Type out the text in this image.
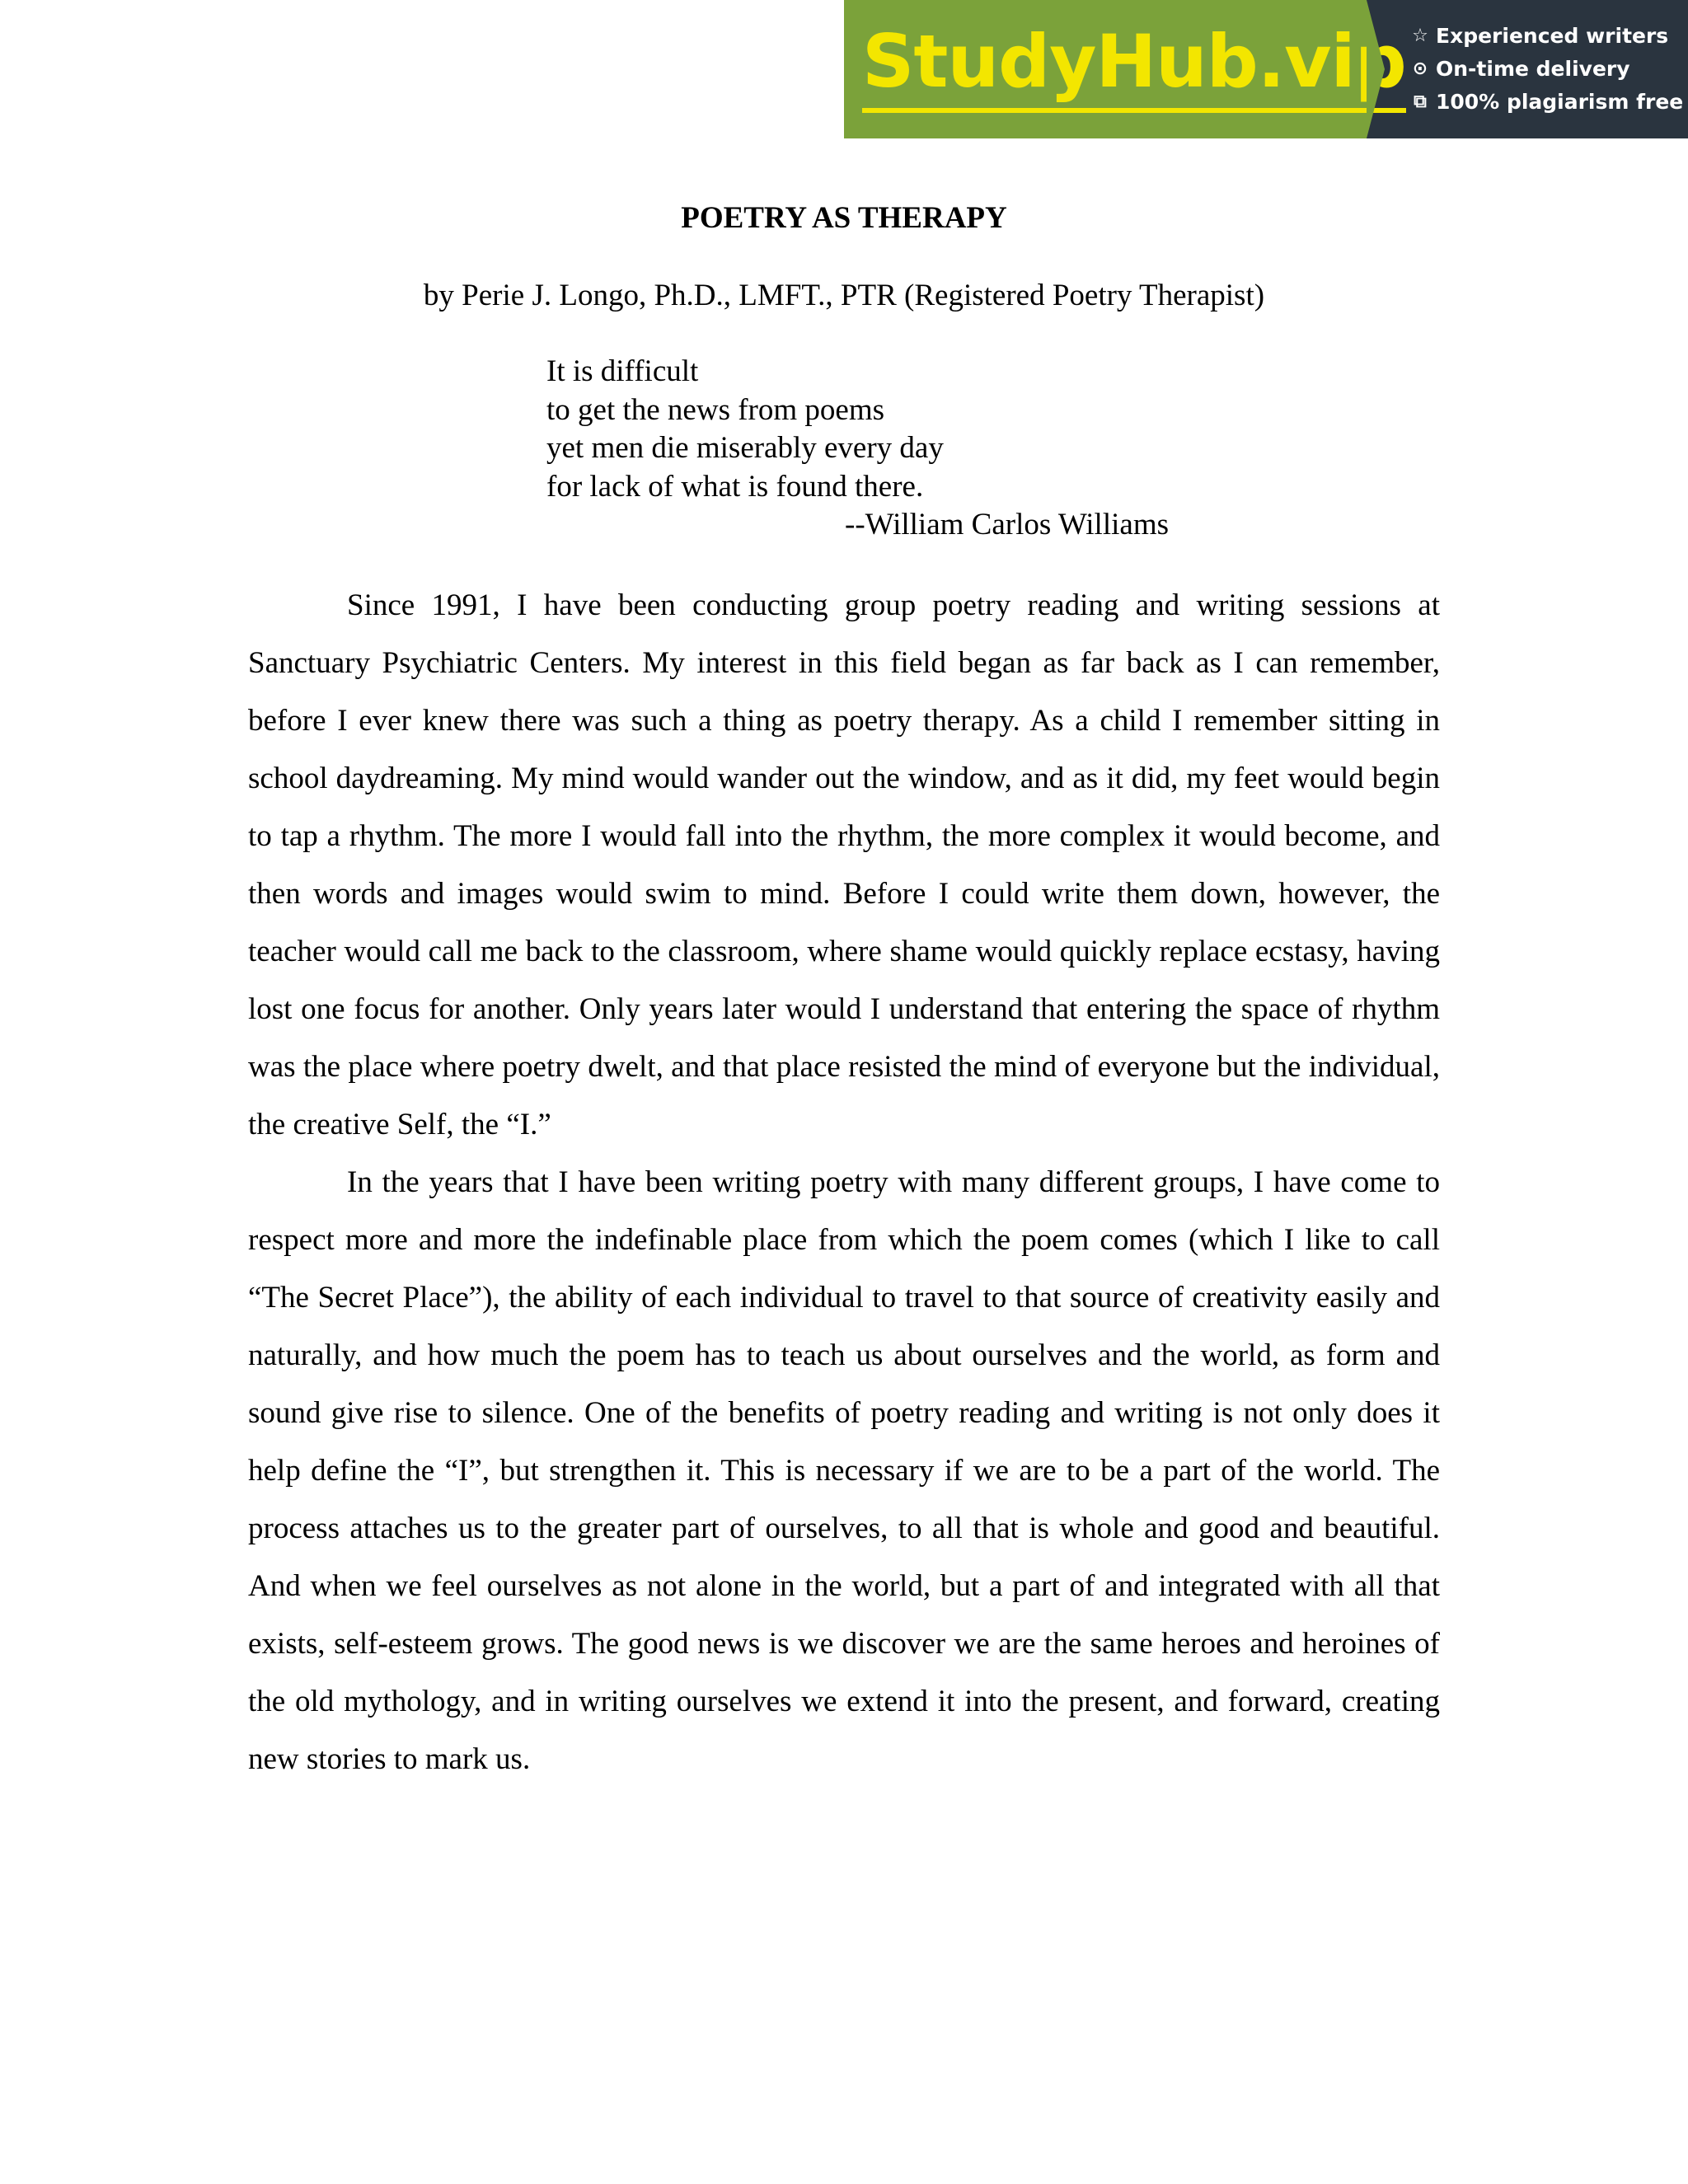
StudyHub.vip ☆ Experienced writers
⊙ On-time delivery
⧉ 100% plagiarism free
POETRY AS THERAPY
by Perie J. Longo, Ph.D., LMFT., PTR (Registered Poetry Therapist)
It is difficult
to get the news from poems
yet men die miserably every day
for lack of what is found there.
--William Carlos Williams

Since 1991, I have been conducting group poetry reading and writing sessions at Sanctuary Psychiatric Centers. My interest in this field began as far back as I can remember, before I ever knew there was such a thing as poetry therapy. As a child I remember sitting in school daydreaming. My mind would wander out the window, and as it did, my feet would begin to tap a rhythm. The more I would fall into the rhythm, the more complex it would become, and then words and images would swim to mind. Before I could write them down, however, the teacher would call me back to the classroom, where shame would quickly replace ecstasy, having lost one focus for another. Only years later would I understand that entering the space of rhythm was the place where poetry dwelt, and that place resisted the mind of everyone but the individual, the creative Self, the “I.”

In the years that I have been writing poetry with many different groups, I have come to respect more and more the indefinable place from which the poem comes (which I like to call “The Secret Place”), the ability of each individual to travel to that source of creativity easily and naturally, and how much the poem has to teach us about ourselves and the world, as form and sound give rise to silence. One of the benefits of poetry reading and writing is not only does it help define the “I”, but strengthen it. This is necessary if we are to be a part of the world. The process attaches us to the greater part of ourselves, to all that is whole and good and beautiful. And when we feel ourselves as not alone in the world, but a part of and integrated with all that exists, self-esteem grows. The good news is we discover we are the same heroes and heroines of the old mythology, and in writing ourselves we extend it into the present, and forward, creating new stories to mark us.
